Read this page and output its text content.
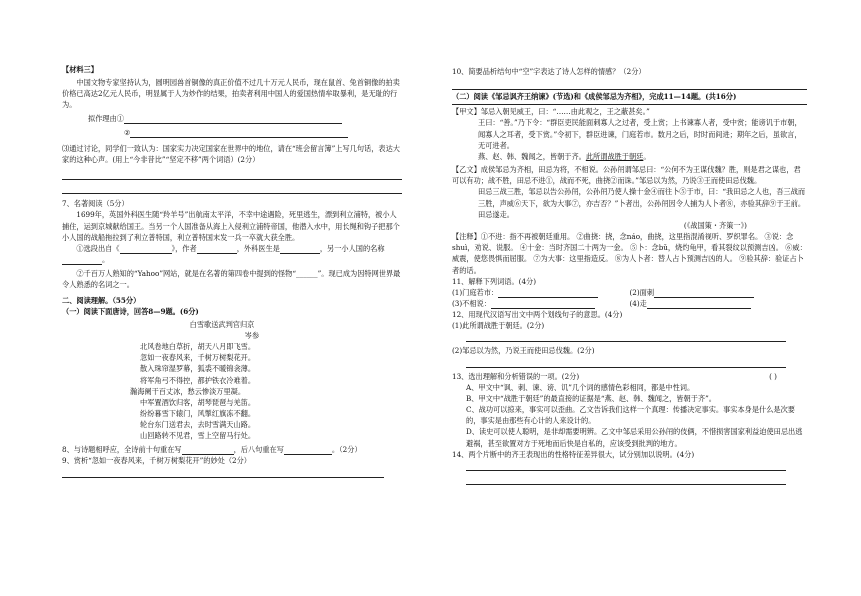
【材料三】

中国文物专家坚持认为，圆明园兽首铜像的真正价值不过几十万元人民币，现在鼠首、兔首铜像的拍卖价格已高达2亿元人民币，明显属于人为炒作的结果，拍卖者利用中国人的爱国热情牟取暴利，是无耻的行为。

拟作理由①

②

⑶通过讨论，同学们一致认为：国家实力决定国家在世界中的地位，请在“班会留言簿”上写几句话，表达大家的这种心声。(用上“今非昔比”“坚定不移”两个词语）(2分）

7、名著阅读（5分）

1699年，英国外科医生随“羚羊号”出航南太平洋，不幸中途遇险，死里逃生，漂到利立浦特，被小人捕住，运到京城献给国王。当另一个人国准备从海上入侵利立浦特帝国，他潜入水中，用长绳和钩子把那个小人国的战船拖拉到了利立普特国，利立普特国末发一兵一卒就大获全胜。

①选段出自《	》，作者	，外科医生是	，另一小人国的名称

。

②千百万人熟知的“Yahoo”网站，就是在名著的第四卷中提到的怪物“______”。现已成为因特网世界最令人熟悉的名词之一。

二、阅读理解。（55分）

（一）阅读下面唐诗，回答8—9题。(6分)

白雪歌送武判官归京

岑参

北风卷地白草折，胡天八月即飞雪。

忽如一夜春风来，千树万树梨花开。

散入珠帘湿罗幕，狐裘不暖锦衾薄。

将军角弓不得控，都护铁衣冷难着。

瀚海阑干百丈冰，愁云惨淡万里凝。

中军置酒饮归客，胡琴琵琶与羌笛。

纷纷暮雪下辕门，风掣红旗冻不翻。

轮台东门送君去，去时雪满天山路。

山回路转不见君，雪上空留马行处。

8、与诗题相呼应，全诗前十句重在写	，后八句重在写	。（2分）

9、赏析“忽如一夜春风来，千树万树梨花开”的妙处（2分）

10、简要品析结句中“空”字表达了诗人怎样的情感？（2分）

（二）阅读《邹忌讽齐王纳谏》(节选)和《成侯邹忌为齐相》，完成11—14题。(共16分)

【甲文】邹忌入朝见威王，曰：“……由此观之，王之蔽甚矣。”

王曰：“善。”乃下令：“群臣吏民能面刺寡人之过者，受上赏；上书谏寡人者，受中赏；能谤讥于市朝，闻寡人之耳者，受下赏。”令初下，群臣进谏，门庭若市。数月之后，时时而间进；期年之后，虽欲言，无可进者。

燕、赵、韩、魏闻之，皆朝于齐。此所谓战胜于朝廷。

【乙文】成侯邹忌为齐相，田忌为将，不相说。公孙闬谓邹忌曰：“公何不为王谋伐魏？胜，则是君之谋也，君可以有功；战不胜，田忌不进①，战而不死，曲挠②而诛。”邹忌以为然，乃说③王而使田忌伐魏。

田忌三战三胜，邹忌以告公孙闬，公孙闬乃使人操十金④而往卜⑤于市，曰：“我田忌之人也，吾三战而三胜，声威⑥天下，欲为大事⑦，亦吉否？”卜者出，公孙闬因令人捕为人卜者⑧，亦验其辞⑨于王前。田忌遂走。

(《战国策・齐策一》)

【注释】①不进：指不再被朝廷重用。 ②曲挠：挠，念náo，曲挠，这里指混淆视听、罗织罪名。 ③说：念shuì，劝说、说服。 ④十金：当时齐国二十两为一金。 ⑤卜：念bǔ，烧灼龟甲，看其裂纹以预测吉凶。 ⑥威：威震，使您畏惧而屈服。 ⑦为大事：这里指造反。 ⑧为人卜者：替人占卜预测吉凶的人。 ⑨验其辞：验证占卜者的话。

11、解释下列词语。(4分)

(1)门庭若市：	(2)面刺
(3)不相说：	(4)走

12、用现代汉语写出文中两个划线句子的意思。(4分)

(1)此所谓战胜于朝廷。(2分)

(2)邹忌以为然，乃说王而使田忌伐魏。(2分)

13、选出理解和分析错误的一项。(2分)	( )

A、甲文中“讽、刺、谏、谤、讥”几个词的感情色彩相同，都是中性词。

B、甲文中“战胜于朝廷”的最直接的证据是“燕、赵、韩、魏闻之，皆朝于齐”。

C、战功可以掠来，事实可以歪曲。乙文告诉我们这样一个真理：传播决定事实。事实本身是什么是次要的，事实是由那些有心计的人来设计的。

D、读史可以使人聪明，是非却需要明辨。乙文中邹忌采用公孙闬的伎俩，不惜损害国家利益迫使田忌出逃避祸，甚至欲置对方于死地而后快是自私的，应该受到批判的地方。

14、两个片断中的齐王表现出的性格特征差异很大，试分别加以说明。(4分)
